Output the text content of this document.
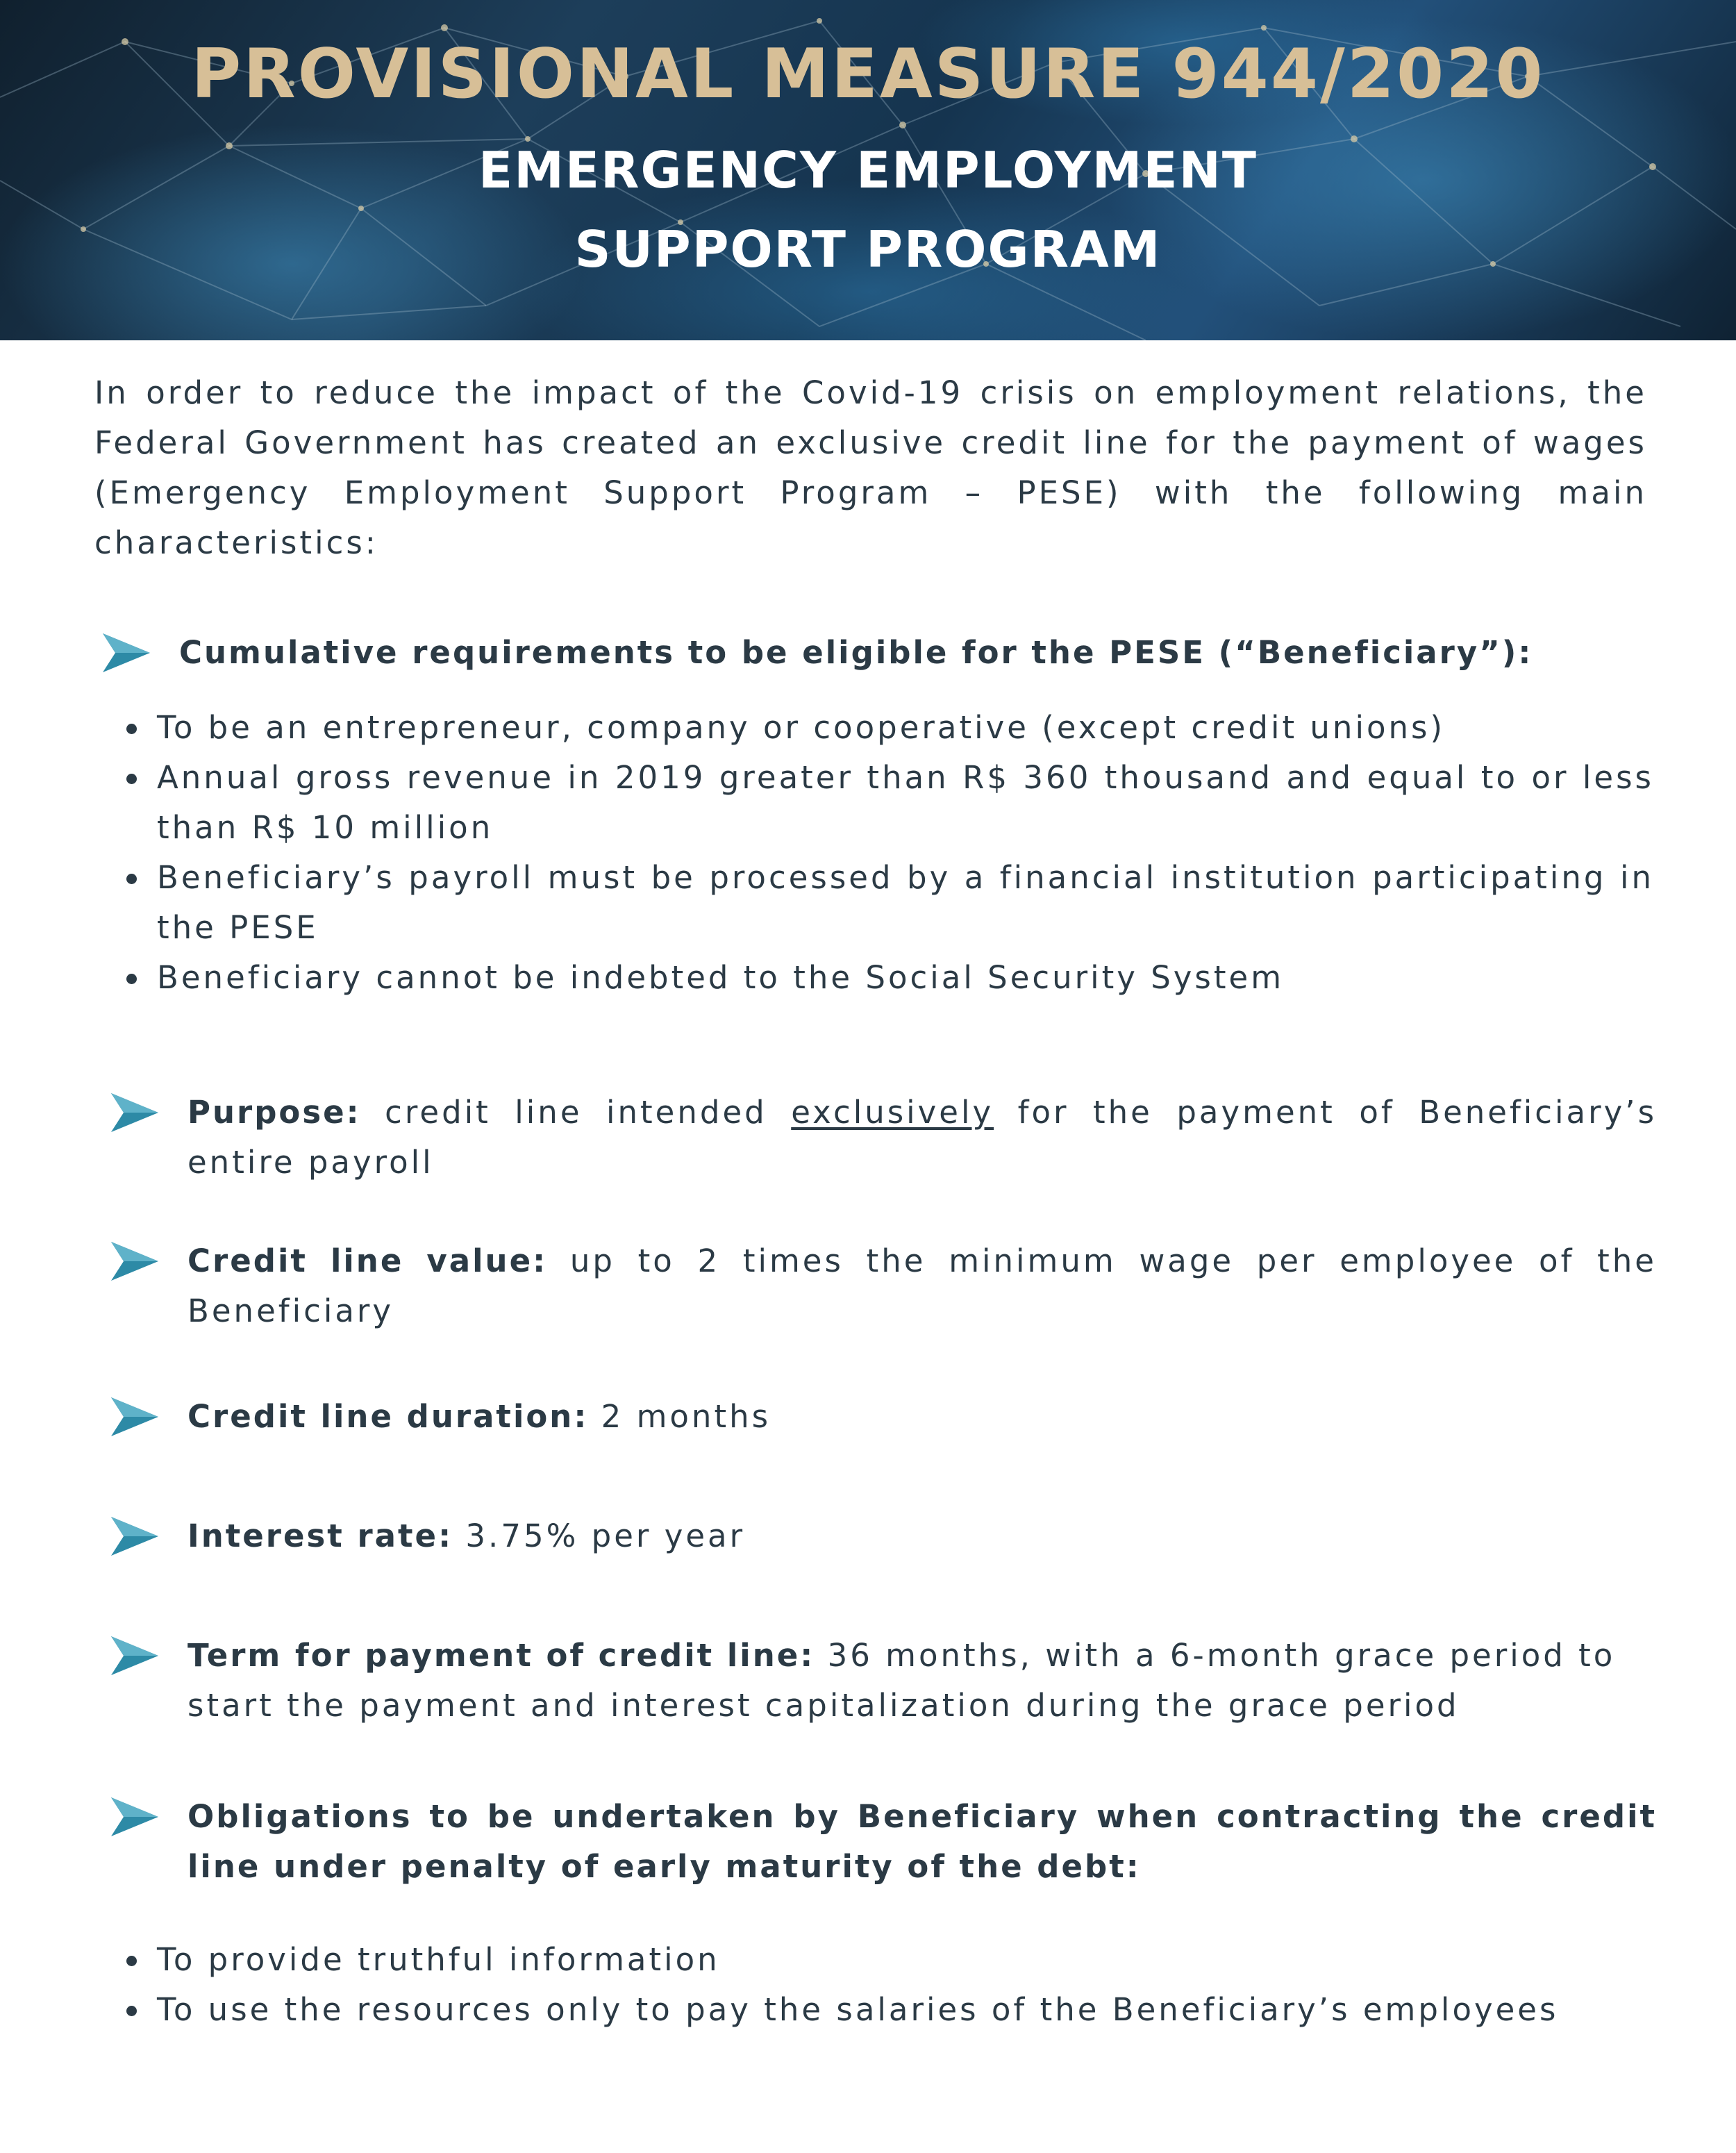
PROVISIONAL MEASURE 944/2020
EMERGENCY EMPLOYMENT
SUPPORT PROGRAM

In order to reduce the impact of the Covid-19 crisis on employment relations, the Federal Government has created an exclusive credit line for the payment of wages (Emergency Employment Support Program – PESE) with the following main characteristics:

Cumulative requirements to be eligible for the PESE (“Beneficiary”):
To be an entrepreneur, company or cooperative (except credit unions)
Annual gross revenue in 2019 greater than R$ 360 thousand and equal to or less than R$ 10 million
Beneficiary’s payroll must be processed by a financial institution participating in the PESE
Beneficiary cannot be indebted to the Social Security System

Purpose: credit line intended exclusively for the payment of Beneficiary’s entire payroll

Credit line value: up to 2 times the minimum wage per employee of the Beneficiary

Credit line duration: 2 months

Interest rate: 3.75% per year

Term for payment of credit line: 36 months, with a 6-month grace period to start the payment and interest capitalization during the grace period

Obligations to be undertaken by Beneficiary when contracting the credit line under penalty of early maturity of the debt:

To provide truthful information
To use the resources only to pay the salaries of the Beneficiary’s employees
